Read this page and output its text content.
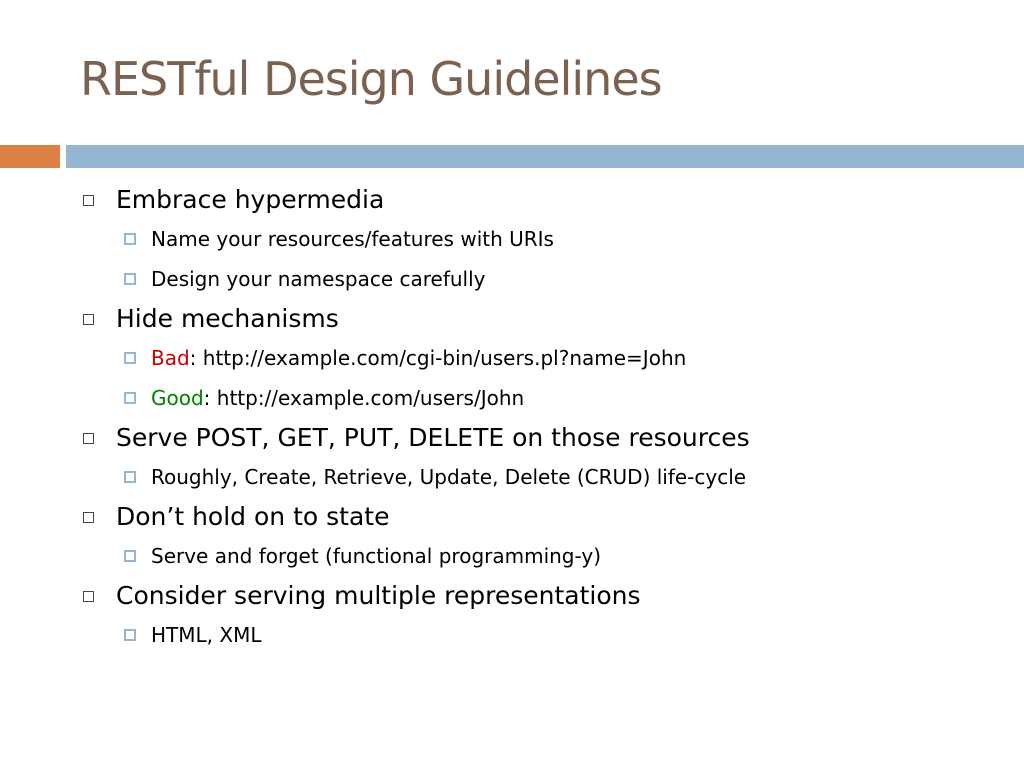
RESTful Design Guidelines
Embrace hypermedia
Name your resources/features with URIs
Design your namespace carefully
Hide mechanisms
Bad: http://example.com/cgi-bin/users.pl?name=John
Good: http://example.com/users/John
Serve POST, GET, PUT, DELETE on those resources
Roughly, Create, Retrieve, Update, Delete (CRUD) life-cycle
Don’t hold on to state
Serve and forget (functional programming-y)
Consider serving multiple representations
HTML, XML
